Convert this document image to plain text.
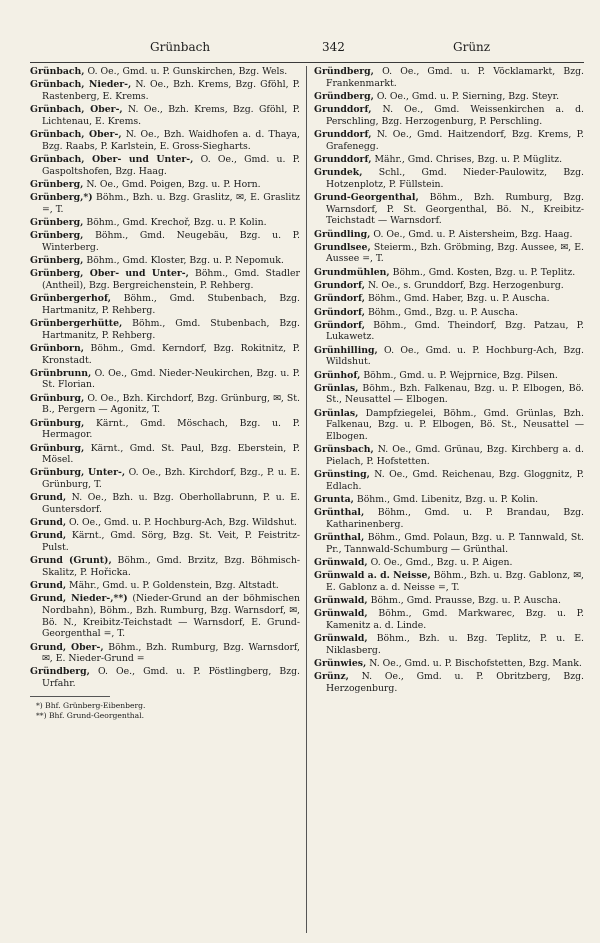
Grünbach	342	Grünz

Grünbach, O. Oe., Gmd. u. P. Gunskirchen, Bzg. Wels.

Grünbach, Nieder-, N. Oe., Bzh. Krems, Bzg. Gföhl, P. Rastenberg, E. Krems.

Grünbach, Ober-, N. Oe., Bzh. Krems, Bzg. Gföhl, P. Lichtenau, E. Krems.

Grünbach, Ober-, N. Oe., Bzh. Waidhofen a. d. Thaya, Bzg. Raabs, P. Karlstein, E. Gross-Siegharts.

Grünbach, Ober- und Unter-, O. Oe., Gmd. u. P. Gaspoltshofen, Bzg. Haag.

Grünberg, N. Oe., Gmd. Poigen, Bzg. u. P. Horn.

Grünberg,*) Böhm., Bzh. u. Bzg. Graslitz, ✉, E. Graslitz =, T.

Grünberg, Böhm., Gmd. Krechoř, Bzg. u. P. Kolin.

Grünberg, Böhm., Gmd. Neugebäu, Bzg. u. P. Winterberg.

Grünberg, Böhm., Gmd. Kloster, Bzg. u. P. Nepomuk.

Grünberg, Ober- und Unter-, Böhm., Gmd. Stadler (Antheil), Bzg. Bergreichenstein, P. Rehberg.

Grünbergerhof, Böhm., Gmd. Stubenbach, Bzg. Hartmanitz, P. Rehberg.

Grünbergerhütte, Böhm., Gmd. Stubenbach, Bzg. Hartmanitz, P. Rehberg.

Grünborn, Böhm., Gmd. Kerndorf, Bzg. Rokitnitz, P. Kronstadt.

Grünbrunn, O. Oe., Gmd. Nieder-Neukirchen, Bzg. u. P. St. Florian.

Grünburg, O. Oe., Bzh. Kirchdorf, Bzg. Grünburg, ✉, St. B., Pergern — Agonitz, T.

Grünburg, Kärnt., Gmd. Möschach, Bzg. u. P. Hermagor.

Grünburg, Kärnt., Gmd. St. Paul, Bzg. Eberstein, P. Mösel.

Grünburg, Unter-, O. Oe., Bzh. Kirchdorf, Bzg., P. u. E. Grünburg, T.

Grund, N. Oe., Bzh. u. Bzg. Oberhollabrunn, P. u. E. Guntersdorf.

Grund, O. Oe., Gmd. u. P. Hochburg-Ach, Bzg. Wildshut.

Grund, Kärnt., Gmd. Sörg, Bzg. St. Veit, P. Feistritz-Pulst.

Grund (Grunt), Böhm., Gmd. Brzitz, Bzg. Böhmisch-Skalitz, P. Hořicka.

Grund, Mähr., Gmd. u. P. Goldenstein, Bzg. Altstadt.

Grund, Nieder-,**) (Nieder-Grund an der böhmischen Nordbahn), Böhm., Bzh. Rumburg, Bzg. Warnsdorf, ✉, Bö. N., Kreibitz-Teichstadt — Warnsdorf, E. Grund-Georgenthal =, T.

Grund, Ober-, Böhm., Bzh. Rumburg, Bzg. Warnsdorf, ✉, E. Nieder-Grund =

Gründberg, O. Oe., Gmd. u. P. Pöstlingberg, Bzg. Urfahr.

*) Bhf. Grünberg-Eibenberg.
**) Bhf. Grund-Georgenthal.

Gründberg, O. Oe., Gmd. u. P. Vöcklamarkt, Bzg. Frankenmarkt.

Gründberg, O. Oe., Gmd. u. P. Sierning, Bzg. Steyr.

Grunddorf, N. Oe., Gmd. Weissenkirchen a. d. Perschling, Bzg. Herzogenburg, P. Perschling.

Grunddorf, N. Oe., Gmd. Haitzendorf, Bzg. Krems, P. Grafenegg.

Grunddorf, Mähr., Gmd. Chrises, Bzg. u. P. Müglitz.

Grundek, Schl., Gmd. Nieder-Paulowitz, Bzg. Hotzenplotz, P. Füllstein.

Grund-Georgenthal, Böhm., Bzh. Rumburg, Bzg. Warnsdorf, P. St. Georgenthal, Bö. N., Kreibitz-Teichstadt — Warnsdorf.

Gründling, O. Oe., Gmd. u. P. Aistersheim, Bzg. Haag.

Grundlsee, Steierm., Bzh. Gröbming, Bzg. Aussee, ✉, E. Aussee =, T.

Grundmühlen, Böhm., Gmd. Kosten, Bzg. u. P. Teplitz.

Grundorf, N. Oe., s. Grunddorf, Bzg. Herzogenburg.

Gründorf, Böhm., Gmd. Haber, Bzg. u. P. Auscha.

Gründorf, Böhm., Gmd., Bzg. u. P. Auscha.

Gründorf, Böhm., Gmd. Theindorf, Bzg. Patzau, P. Lukawetz.

Grünhilling, O. Oe., Gmd. u. P. Hochburg-Ach, Bzg. Wildshut.

Grünhof, Böhm., Gmd. u. P. Wejprnice, Bzg. Pilsen.

Grünlas, Böhm., Bzh. Falkenau, Bzg. u. P. Elbogen, Bö. St., Neusattel — Elbogen.

Grünlas, Dampfziegelei, Böhm., Gmd. Grünlas, Bzh. Falkenau, Bzg. u. P. Elbogen, Bö. St., Neusattel — Elbogen.

Grünsbach, N. Oe., Gmd. Grünau, Bzg. Kirchberg a. d. Pielach, P. Hofstetten.

Grünsting, N. Oe., Gmd. Reichenau, Bzg. Gloggnitz, P. Edlach.

Grunta, Böhm., Gmd. Libenitz, Bzg. u. P. Kolin.

Grünthal, Böhm., Gmd. u. P. Brandau, Bzg. Katharinenberg.

Grünthal, Böhm., Gmd. Polaun, Bzg. u. P. Tannwald, St. Pr., Tannwald-Schumburg — Grünthal.

Grünwald, O. Oe., Gmd., Bzg. u. P. Aigen.

Grünwald a. d. Neisse, Böhm., Bzh. u. Bzg. Gablonz, ✉, E. Gablonz a. d. Neisse =, T.

Grünwald, Böhm., Gmd. Prausse, Bzg. u. P. Auscha.

Grünwald, Böhm., Gmd. Markwarec, Bzg. u. P. Kamenitz a. d. Linde.

Grünwald, Böhm., Bzh. u. Bzg. Teplitz, P. u. E. Niklasberg.

Grünwies, N. Oe., Gmd. u. P. Bischofstetten, Bzg. Mank.

Grünz, N. Oe., Gmd. u. P. Obritzberg, Bzg. Herzogenburg.
